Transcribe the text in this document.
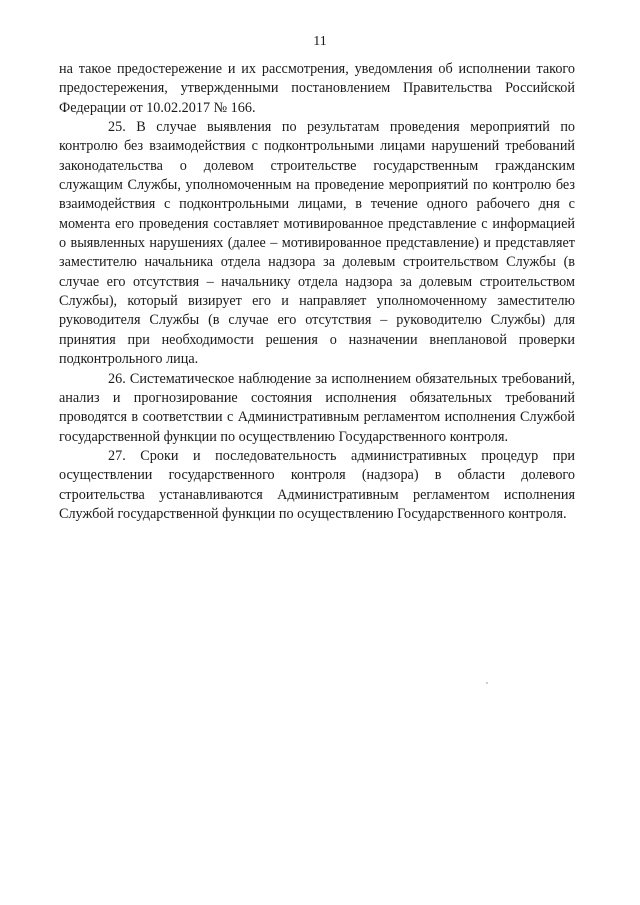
11

на такое предостережение и их рассмотрения, уведомления об исполнении такого предостережения, утвержденными постановлением Правительства Российской Федерации от 10.02.2017 № 166.

25. В случае выявления по результатам проведения мероприятий по контролю без взаимодействия с подконтрольными лицами нарушений требований законодательства о долевом строительстве государственным гражданским служащим Службы, уполномоченным на проведение мероприятий по контролю без взаимодействия с подконтрольными лицами, в течение одного рабочего дня с момента его проведения составляет мотивированное представление с информацией о выявленных нарушениях (далее – мотивированное представление) и представляет заместителю начальника отдела надзора за долевым строительством Службы (в случае его отсутствия – начальнику отдела надзора за долевым строительством Службы), который визирует его и направляет уполномоченному заместителю руководителя Службы (в случае его отсутствия – руководителю Службы) для принятия при необходимости решения о назначении внеплановой проверки подконтрольного лица.

26. Систематическое наблюдение за исполнением обязательных требований, анализ и прогнозирование состояния исполнения обязательных требований проводятся в соответствии с Административным регламентом исполнения Службой государственной функции по осуществлению Государственного контроля.

27. Сроки и последовательность административных процедур при осуществлении государственного контроля (надзора) в области долевого строительства устанавливаются Административным регламентом исполнения Службой государственной функции по осуществлению Государственного контроля.
